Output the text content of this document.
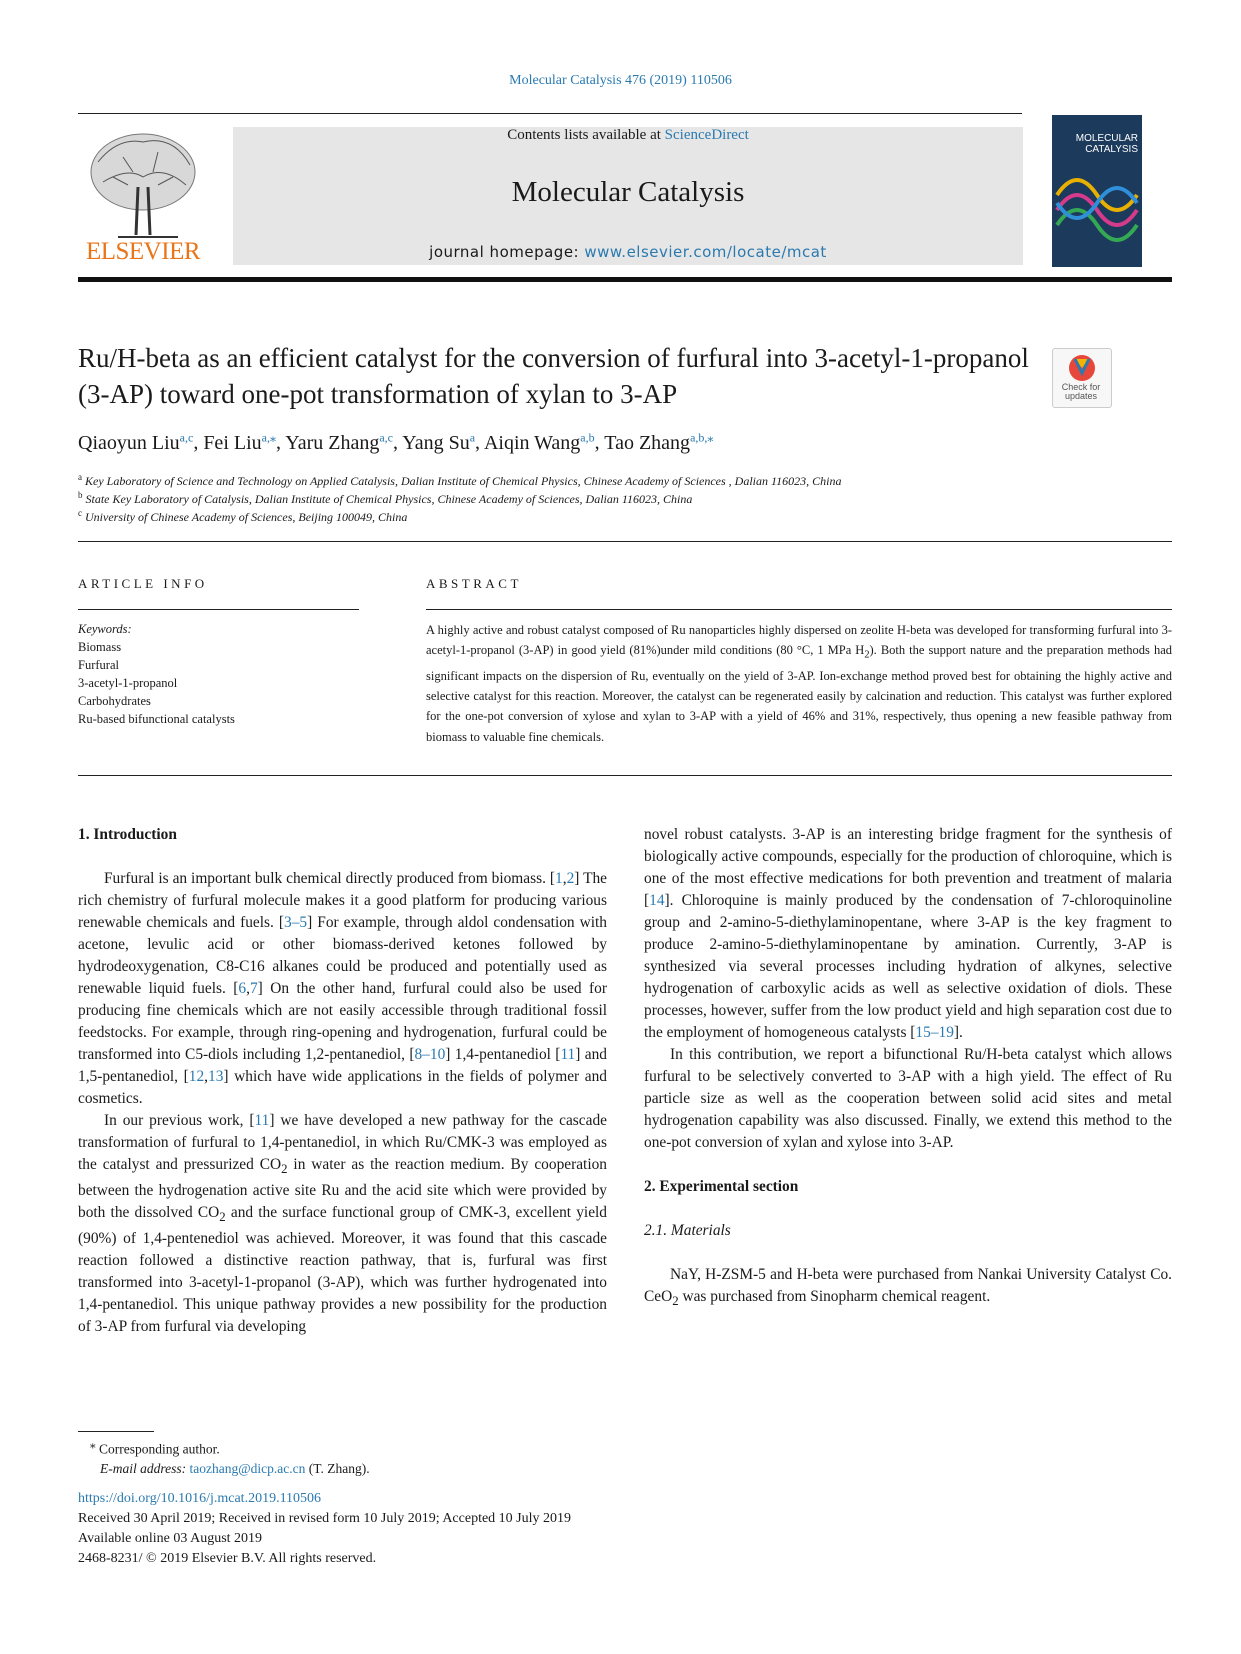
Molecular Catalysis 476 (2019) 110506
ELSEVIER
Contents lists available at ScienceDirect
Molecular Catalysis
journal homepage: www.elsevier.com/locate/mcat
MOLECULAR CATALYSIS
Ru/H-beta as an efficient catalyst for the conversion of furfural into 3-acetyl-1-propanol (3-AP) toward one-pot transformation of xylan to 3-AP	Check for updates
Qiaoyun Liu$^{a,c}$, Fei Liu$^{a,⁎}$, Yaru Zhang$^{a,c}$, Yang Su$^a$, Aiqin Wang$^{a,b}$, Tao Zhang$^{a,b,⁎}$
$^a$ Key Laboratory of Science and Technology on Applied Catalysis, Dalian Institute of Chemical Physics, Chinese Academy of Sciences , Dalian 116023, China
$^b$ State Key Laboratory of Catalysis, Dalian Institute of Chemical Physics, Chinese Academy of Sciences, Dalian 116023, China
$^c$ University of Chinese Academy of Sciences, Beijing 100049, China
ARTICLE INFO	ABSTRACT
Keywords:
Biomass
Furfural
3-acetyl-1-propanol
Carbohydrates
Ru-based bifunctional catalysts
A highly active and robust catalyst composed of Ru nanoparticles highly dispersed on zeolite H-beta was developed for transforming furfural into 3-acetyl-1-propanol (3-AP) in good yield (81%)under mild conditions (80 °C, 1 MPa $H_2$). Both the support nature and the preparation methods had significant impacts on the dispersion of Ru, eventually on the yield of 3-AP. Ion-exchange method proved best for obtaining the highly active and selective catalyst for this reaction. Moreover, the catalyst can be regenerated easily by calcination and reduction. This catalyst was further explored for the one-pot conversion of xylose and xylan to 3-AP with a yield of 46% and 31%, respectively, thus opening a new feasible pathway from biomass to valuable fine chemicals.

1. Introduction

Furfural is an important bulk chemical directly produced from biomass. [1,2] The rich chemistry of furfural molecule makes it a good platform for producing various renewable chemicals and fuels. [3–5] For example, through aldol condensation with acetone, levulic acid or other biomass-derived ketones followed by hydrodeoxygenation, C8-C16 alkanes could be produced and potentially used as renewable liquid fuels. [6,7] On the other hand, furfural could also be used for producing fine chemicals which are not easily accessible through traditional fossil feedstocks. For example, through ring-opening and hydrogenation, furfural could be transformed into C5-diols including 1,2-pentanediol, [8–10] 1,4-pentanediol [11] and 1,5-pentanediol, [12,13] which have wide applications in the fields of polymer and cosmetics.

In our previous work, [11] we have developed a new pathway for the cascade transformation of furfural to 1,4-pentanediol, in which Ru/CMK-3 was employed as the catalyst and pressurized $CO_2$ in water as the reaction medium. By cooperation between the hydrogenation active site Ru and the acid site which were provided by both the dissolved $CO_2$ and the surface functional group of CMK-3, excellent yield (90%) of 1,4-pentenediol was achieved. Moreover, it was found that this cascade reaction followed a distinctive reaction pathway, that is, furfural was first transformed into 3-acetyl-1-propanol (3-AP), which was further hydrogenated into 1,4-pentanediol. This unique pathway provides a new possibility for the production of 3-AP from furfural via developing

novel robust catalysts. 3-AP is an interesting bridge fragment for the synthesis of biologically active compounds, especially for the production of chloroquine, which is one of the most effective medications for both prevention and treatment of malaria [14]. Chloroquine is mainly produced by the condensation of 7-chloroquinoline group and 2-amino-5-diethylaminopentane, where 3-AP is the key fragment to produce 2-amino-5-diethylaminopentane by amination. Currently, 3-AP is synthesized via several processes including hydration of alkynes, selective hydrogenation of carboxylic acids as well as selective oxidation of diols. These processes, however, suffer from the low product yield and high separation cost due to the employment of homogeneous catalysts [15–19].

In this contribution, we report a bifunctional Ru/H-beta catalyst which allows furfural to be selectively converted to 3-AP with a high yield. The effect of Ru particle size as well as the cooperation between solid acid sites and metal hydrogenation capability was also discussed. Finally, we extend this method to the one-pot conversion of xylan and xylose into 3-AP.

2. Experimental section

2.1. Materials

NaY, H-ZSM-5 and H-beta were purchased from Nankai University Catalyst Co. CeO$_2$ was purchased from Sinopharm chemical reagent.

⁎ Corresponding author.
E-mail address: taozhang@dicp.ac.cn (T. Zhang).
https://doi.org/10.1016/j.mcat.2019.110506
Received 30 April 2019; Received in revised form 10 July 2019; Accepted 10 July 2019
Available online 03 August 2019
2468-8231/ © 2019 Elsevier B.V. All rights reserved.
